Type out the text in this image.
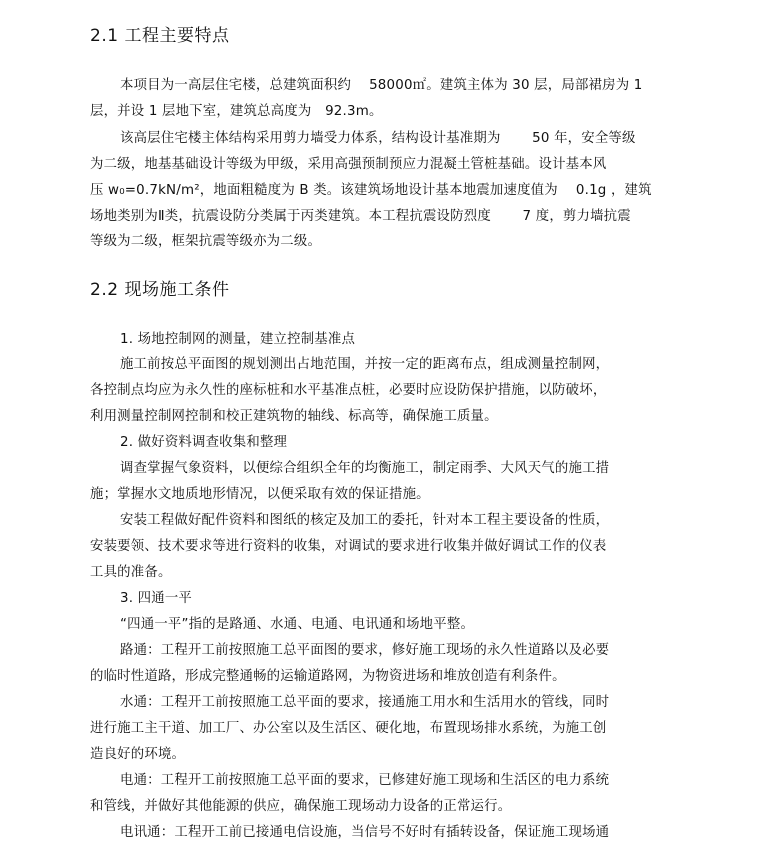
2.1 工程主要特点
本项目为一高层住宅楼，总建筑面积约　 58000㎡。建筑主体为 30 层，局部裙房为 1
层，并设 1 层地下室，建筑总高度为　92.3m。
该高层住宅楼主体结构采用剪力墙受力体系，结构设计基准期为　　 50 年，安全等级
为二级，地基基础设计等级为甲级，采用高强预制预应力混凝土管桩基础。设计基本风
压 w₀=0.7kN/m²，地面粗糙度为 B 类。该建筑场地设计基本地震加速度值为　 0.1g ，建筑
场地类别为Ⅱ类，抗震设防分类属于丙类建筑。本工程抗震设防烈度　　 7 度，剪力墙抗震
等级为二级，框架抗震等级亦为二级。
2.2 现场施工条件
1. 场地控制网的测量，建立控制基准点
施工前按总平面图的规划测出占地范围，并按一定的距离布点，组成测量控制网，
各控制点均应为永久性的座标桩和水平基准点桩，必要时应设防保护措施，以防破坏，
利用测量控制网控制和校正建筑物的轴线、标高等，确保施工质量。
2. 做好资料调查收集和整理
调查掌握气象资料，以便综合组织全年的均衡施工，制定雨季、大风天气的施工措
施；掌握水文地质地形情况，以便采取有效的保证措施。
安装工程做好配件资料和图纸的核定及加工的委托，针对本工程主要设备的性质，
安装要领、技术要求等进行资料的收集，对调试的要求进行收集并做好调试工作的仪表
工具的准备。
3. 四通一平
“四通一平”指的是路通、水通、电通、电讯通和场地平整。
路通：工程开工前按照施工总平面图的要求，修好施工现场的永久性道路以及必要
的临时性道路，形成完整通畅的运输道路网，为物资进场和堆放创造有利条件。
水通：工程开工前按照施工总平面的要求，接通施工用水和生活用水的管线，同时
进行施工主干道、加工厂、办公室以及生活区、硬化地，布置现场排水系统，为施工创
造良好的环境。
电通：工程开工前按照施工总平面的要求，已修建好施工现场和生活区的电力系统
和管线，并做好其他能源的供应，确保施工现场动力设备的正常运行。
电讯通：工程开工前已接通电信设施，当信号不好时有插转设备，保证施工现场通
